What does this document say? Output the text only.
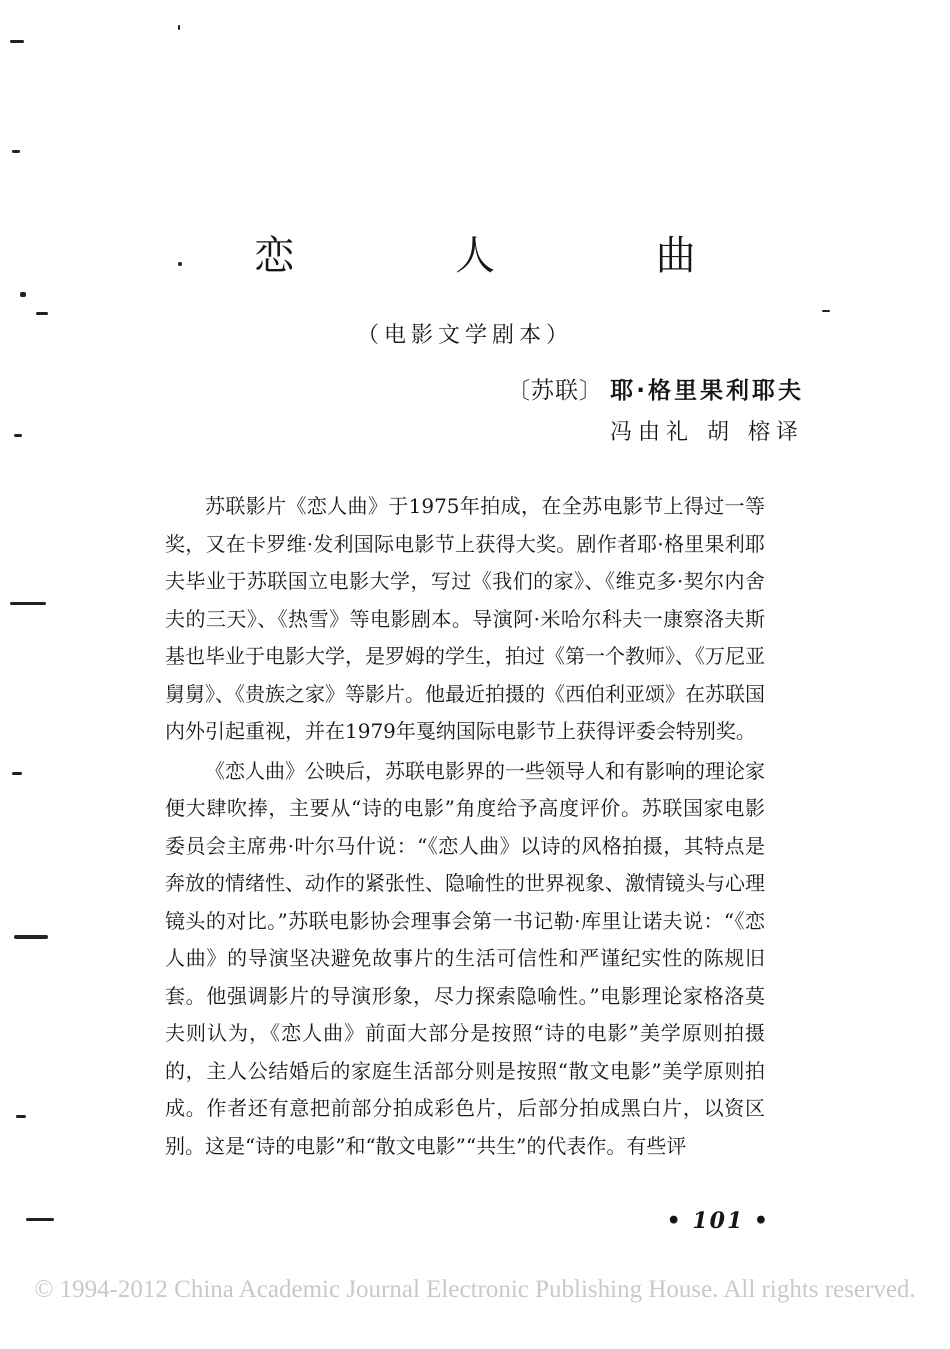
恋 人 曲
（电影文学剧本）
〔苏联〕 耶·格里果利耶夫
冯由礼 胡 榕译

苏联影片《恋人曲》于1975年拍成，在全苏电影节上得过一等奖，又在卡罗维·发利国际电影节上获得大奖。剧作者耶·格里果利耶夫毕业于苏联国立电影大学，写过《我们的家》、《维克多·契尔内舍夫的三天》、《热雪》等电影剧本。导演阿·米哈尔科夫一康察洛夫斯基也毕业于电影大学，是罗姆的学生，拍过《第一个教师》、《万尼亚舅舅》、《贵族之家》等影片。他最近拍摄的《西伯利亚颂》在苏联国内外引起重视，并在1979年戛纳国际电影节上获得评委会特别奖。

《恋人曲》公映后，苏联电影界的一些领导人和有影响的理论家便大肆吹捧，主要从“诗的电影”角度给予高度评价。苏联国家电影委员会主席弗·叶尔马什说：“《恋人曲》以诗的风格拍摄，其特点是奔放的情绪性、动作的紧张性、隐喻性的世界视象、激情镜头与心理镜头的对比。”苏联电影协会理事会第一书记勒·库里让诺夫说：“《恋人曲》的导演坚决避免故事片的生活可信性和严谨纪实性的陈规旧套。他强调影片的导演形象，尽力探索隐喻性。”电影理论家格洛莫夫则认为，《恋人曲》前面大部分是按照“诗的电影”美学原则拍摄的，主人公结婚后的家庭生活部分则是按照“散文电影”美学原则拍成。作者还有意把前部分拍成彩色片，后部分拍成黑白片，以资区别。这是“诗的电影”和“散文电影”“共生”的代表作。有些评

• 101 •
© 1994-2012 China Academic Journal Electronic Publishing House. All rights reserved.
